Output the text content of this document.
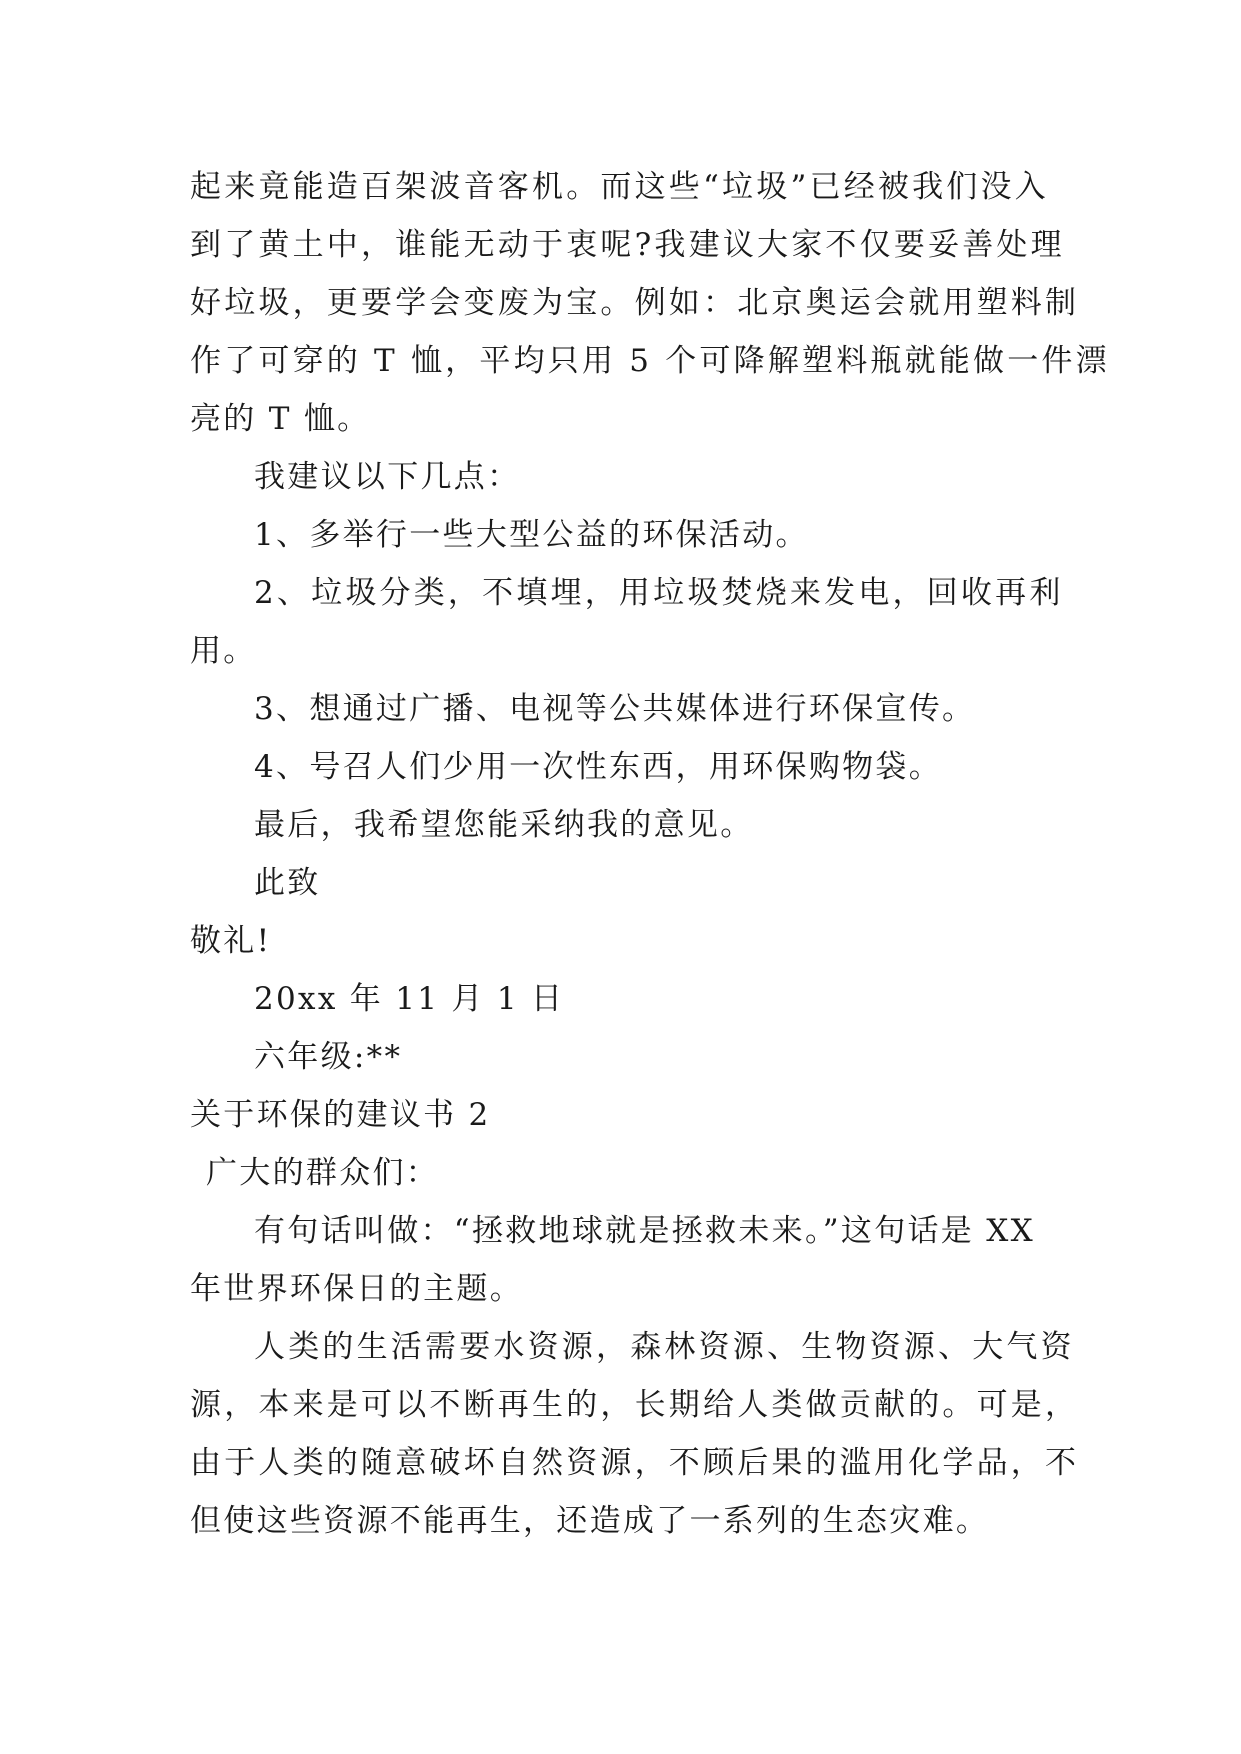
起来竟能造百架波音客机。而这些“垃圾”已经被我们没入
到了黄土中，谁能无动于衷呢?我建议大家不仅要妥善处理
好垃圾，更要学会变废为宝。例如：北京奥运会就用塑料制
作了可穿的 T 恤，平均只用 5 个可降解塑料瓶就能做一件漂
亮的 T 恤。
我建议以下几点：
1、多举行一些大型公益的环保活动。
2、垃圾分类，不填埋，用垃圾焚烧来发电，回收再利
用。
3、想通过广播、电视等公共媒体进行环保宣传。
4、号召人们少用一次性东西，用环保购物袋。
最后，我希望您能采纳我的意见。
此致
敬礼!
20xx 年 11 月 1 日
六年级:**
关于环保的建议书 2
广大的群众们：
有句话叫做：“拯救地球就是拯救未来。”这句话是 XX
年世界环保日的主题。
人类的生活需要水资源，森林资源、生物资源、大气资
源，本来是可以不断再生的，长期给人类做贡献的。可是，
由于人类的随意破坏自然资源，不顾后果的滥用化学品，不
但使这些资源不能再生，还造成了一系列的生态灾难。
